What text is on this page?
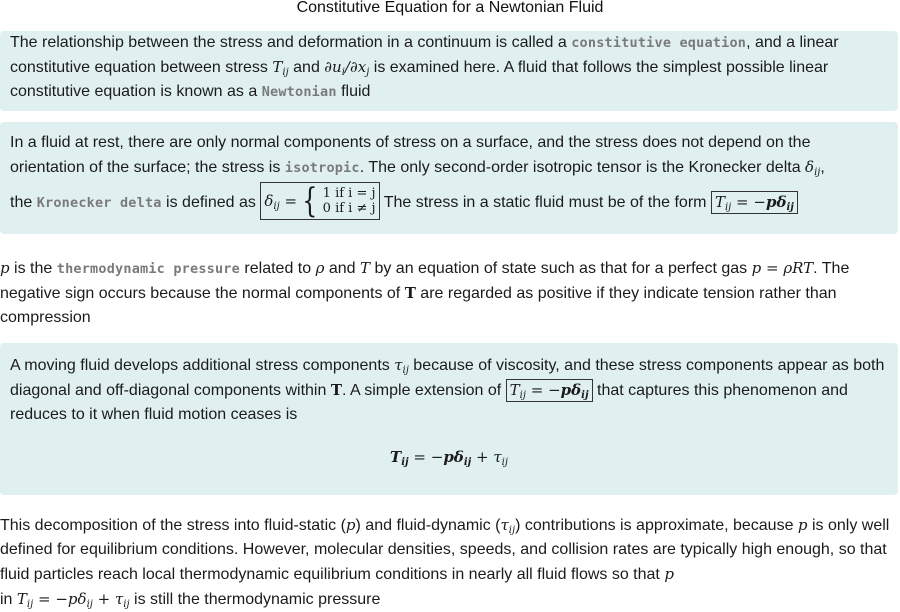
Constitutive Equation for a Newtonian Fluid
The relationship between the stress and deformation in a continuum is called a constitutive equation, and a linear constitutive equation between stress $T_{ij}$ and $\partial u_i/\partial x_j$ is examined here. A fluid that follows the simplest possible linear constitutive equation is known as a Newtonian fluid
In a fluid at rest, there are only normal components of stress on a surface, and the stress does not depend on the orientation of the surface; the stress is isotropic. The only second-order isotropic tensor is the Kronecker delta $\delta_{ij}$,

the Kronecker delta is defined as $\delta_{ij}$ = { 1 if i = j
0 if i ≠ j The stress in a static fluid must be of the form $T_{ij} = -p\delta_{ij}$
p is the thermodynamic pressure related to ρ and T by an equation of state such as that for a perfect gas p = ρRT. The negative sign occurs because the normal components of T are regarded as positive if they indicate tension rather than compression
A moving fluid develops additional stress components $\tau_{ij}$ because of viscosity, and these stress components appear as both diagonal and off-diagonal components within T. A simple extension of $T_{ij} = -p\delta_{ij}$ that captures this phenomenon and reduces to it when fluid motion ceases is
$T_{ij} = -p\delta_{ij} + \tau_{ij}$
This decomposition of the stress into fluid-static (p) and fluid-dynamic $(\tau_{ij})$ contributions is approximate, because p is only well defined for equilibrium conditions. However, molecular densities, speeds, and collision rates are typically high enough, so that fluid particles reach local thermodynamic equilibrium conditions in nearly all fluid flows so that p
in $T_{ij} = -p\delta_{ij} + \tau_{ij}$ is still the thermodynamic pressure
